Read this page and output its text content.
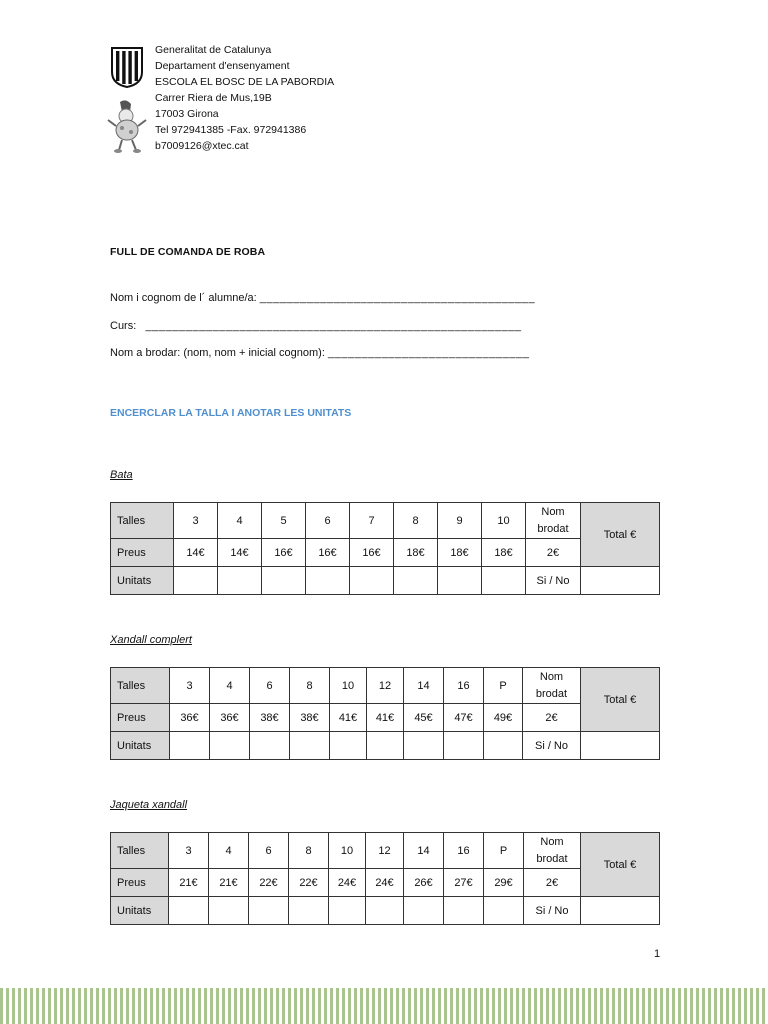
Generalitat de Catalunya
Departament d'ensenyament
ESCOLA EL BOSC DE LA PABORDIA
Carrer Riera de Mus,19B
17003 Girona
Tel 972941385 -Fax. 972941386
b7009126@xtec.cat
FULL DE COMANDA DE ROBA
Nom i cognom de l´ alumne/a: _________________________________________
Curs: ________________________________________________________
Nom a brodar: (nom, nom + inicial cognom): ______________________________
ENCERCLAR LA TALLA I ANOTAR LES UNITATS
Bata
Talles	3	4	5	6	7	8	9	10	Nom brodat	Total €
Preus	14€	14€	16€	16€	16€	18€	18€	18€	2€	
Unitats									Si / No	
Xandall complert
Talles	3	4	6	8	10	12	14	16	P	Nom brodat	Total €
Preus	36€	36€	38€	38€	41€	41€	45€	47€	49€	2€	
Unitats										Si / No	
Jaqueta xandall
Talles	3	4	6	8	10	12	14	16	P	Nom brodat	Total €
Preus	21€	21€	22€	22€	24€	24€	26€	27€	29€	2€	
Unitats										Si / No	
1
